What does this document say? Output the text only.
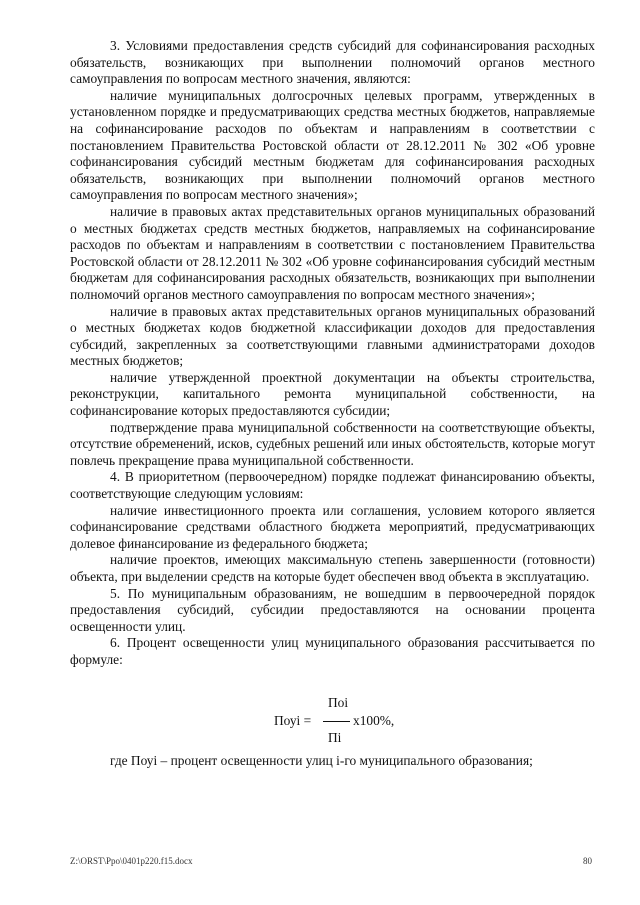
3. Условиями предоставления средств субсидий для софинансирования расходных обязательств, возникающих при выполнении полномочий органов местного самоуправления по вопросам местного значения, являются:

наличие муниципальных долгосрочных целевых программ, утвержденных в установленном порядке и предусматривающих средства местных бюджетов, направляемые на софинансирование расходов по объектам и направлениям в соответствии с постановлением Правительства Ростовской области от 28.12.2011 № 302 «Об уровне софинансирования субсидий местным бюджетам для софинансирования расходных обязательств, возникающих при выполнении полномочий органов местного самоуправления по вопросам местного значения»;

наличие в правовых актах представительных органов муниципальных образований о местных бюджетах средств местных бюджетов, направляемых на софинансирование расходов по объектам и направлениям в соответствии с постановлением Правительства Ростовской области от 28.12.2011 № 302 «Об уровне софинансирования субсидий местным бюджетам для софинансирования расходных обязательств, возникающих при выполнении полномочий органов местного самоуправления по вопросам местного значения»;

наличие в правовых актах представительных органов муниципальных образований о местных бюджетах кодов бюджетной классификации доходов для предоставления субсидий, закрепленных за соответствующими главными администраторами доходов местных бюджетов;

наличие утвержденной проектной документации на объекты строительства, реконструкции, капитального ремонта муниципальной собственности, на софинансирование которых предоставляются субсидии;

подтверждение права муниципальной собственности на соответствующие объекты, отсутствие обременений, исков, судебных решений или иных обстоятельств, которые могут повлечь прекращение права муниципальной собственности.

4. В приоритетном (первоочередном) порядке подлежат финансированию объекты, соответствующие следующим условиям:

наличие инвестиционного проекта или соглашения, условием которого является софинансирование средствами областного бюджета мероприятий, предусматривающих долевое финансирование из федерального бюджета;

наличие проектов, имеющих максимальную степень завершенности (готовности) объекта, при выделении средств на которые будет обеспечен ввод объекта в эксплуатацию.

5. По муниципальным образованиям, не вошедшим в первоочередной порядок предоставления субсидий, субсидии предоставляются на основании процента освещенности улиц.

6. Процент освещенности улиц муниципального образования рассчитывается по формуле:

Поi
Поуi =	x100%,
Пi

где Поуi – процент освещенности улиц i-го муниципального образования;

Z:\ORST\Ppo\0401p220.f15.docx	80
